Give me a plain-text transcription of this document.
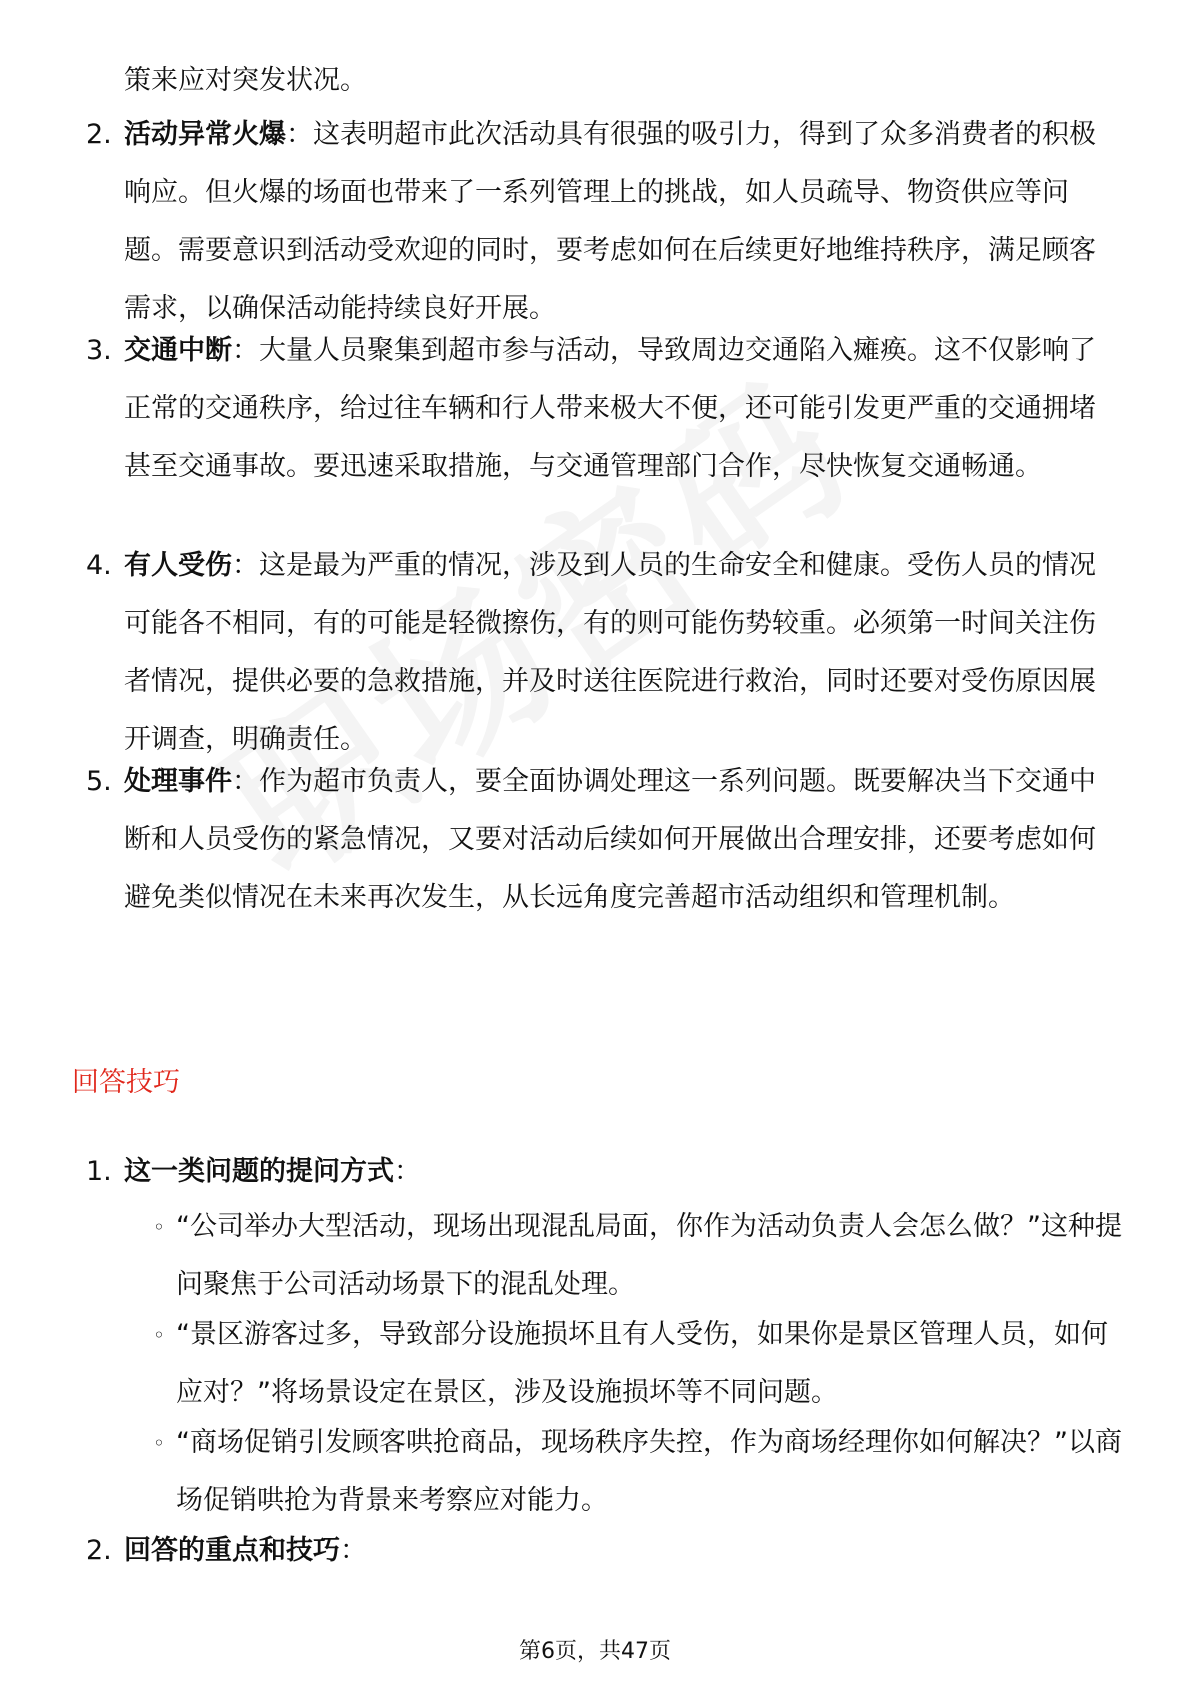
策来应对突发状况。

2. 活动异常火爆：这表明超市此次活动具有很强的吸引力，得到了众多消费者的积极响应。但火爆的场面也带来了一系列管理上的挑战，如人员疏导、物资供应等问题。需要意识到活动受欢迎的同时，要考虑如何在后续更好地维持秩序，满足顾客需求，以确保活动能持续良好开展。

3. 交通中断：大量人员聚集到超市参与活动，导致周边交通陷入瘫痪。这不仅影响了正常的交通秩序，给过往车辆和行人带来极大不便，还可能引发更严重的交通拥堵甚至交通事故。要迅速采取措施，与交通管理部门合作，尽快恢复交通畅通。

4. 有人受伤：这是最为严重的情况，涉及到人员的生命安全和健康。受伤人员的情况可能各不相同，有的可能是轻微擦伤，有的则可能伤势较重。必须第一时间关注伤者情况，提供必要的急救措施，并及时送往医院进行救治，同时还要对受伤原因展开调查，明确责任。

5. 处理事件：作为超市负责人，要全面协调处理这一系列问题。既要解决当下交通中断和人员受伤的紧急情况，又要对活动后续如何开展做出合理安排，还要考虑如何避免类似情况在未来再次发生，从长远角度完善超市活动组织和管理机制。

回答技巧
1. 这一类问题的提问方式：

◦ “公司举办大型活动，现场出现混乱局面，你作为活动负责人会怎么做？”这种提问聚焦于公司活动场景下的混乱处理。

◦ “景区游客过多，导致部分设施损坏且有人受伤，如果你是景区管理人员，如何应对？”将场景设定在景区，涉及设施损坏等不同问题。

◦ “商场促销引发顾客哄抢商品，现场秩序失控，作为商场经理你如何解决？”以商场促销哄抢为背景来考察应对能力。

2. 回答的重点和技巧：

第6页，共47页
